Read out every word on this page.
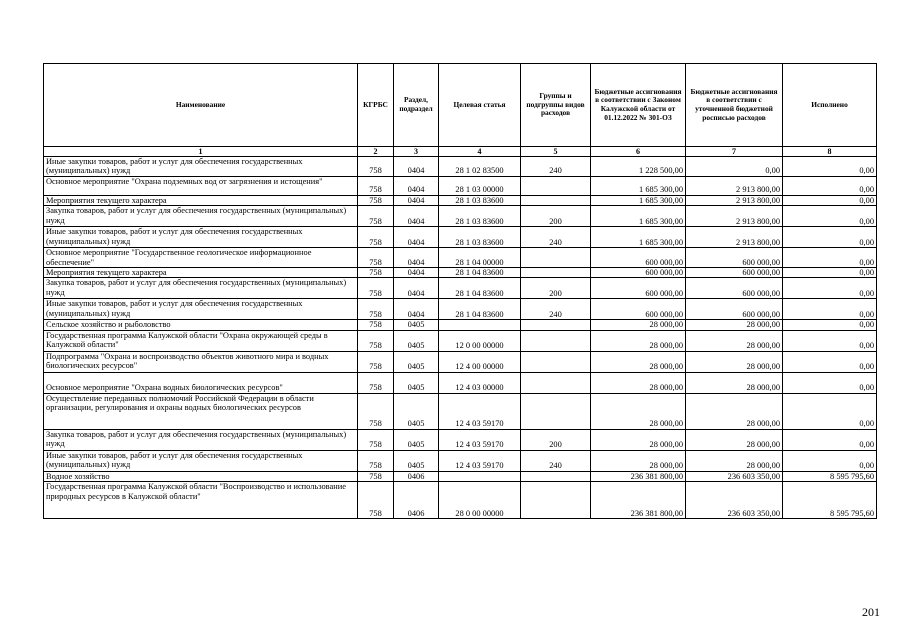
Наименование	КГРБС	Раздел, подраздел	Целевая статья	Группы и подгруппы видов расходов	Бюджетные ассигнования в соответствии с Законом Калужской области от 01.12.2022 № 301-ОЗ	Бюджетные ассигнования в соответствии с уточненной бюджетной росписью расходов	Исполнено
1	2	3	4	5	6	7	8
Иные закупки товаров, работ и услуг для обеспечения государственных (муниципальных) нужд	758	0404	28 1 02 83500	240	1 228 500,00	0,00	0,00
Основное мероприятие "Охрана подземных вод от загрязнения и истощения"	758	0404	28 1 03 00000		1 685 300,00	2 913 800,00	0,00
Мероприятия текущего характера	758	0404	28 1 03 83600		1 685 300,00	2 913 800,00	0,00
Закупка товаров, работ и услуг для обеспечения государственных (муниципальных) нужд	758	0404	28 1 03 83600	200	1 685 300,00	2 913 800,00	0,00
Иные закупки товаров, работ и услуг для обеспечения государственных (муниципальных) нужд	758	0404	28 1 03 83600	240	1 685 300,00	2 913 800,00	0,00
Основное мероприятие "Государственное геологическое информационное обеспечение"	758	0404	28 1 04 00000		600 000,00	600 000,00	0,00
Мероприятия текущего характера	758	0404	28 1 04 83600		600 000,00	600 000,00	0,00
Закупка товаров, работ и услуг для обеспечения государственных (муниципальных) нужд	758	0404	28 1 04 83600	200	600 000,00	600 000,00	0,00
Иные закупки товаров, работ и услуг для обеспечения государственных (муниципальных) нужд	758	0404	28 1 04 83600	240	600 000,00	600 000,00	0,00
Сельское хозяйство и рыболовство	758	0405			28 000,00	28 000,00	0,00
Государственная программа Калужской области "Охрана окружающей среды в Калужской области"	758	0405	12 0 00 00000		28 000,00	28 000,00	0,00
Подпрограмма "Охрана и воспроизводство объектов животного мира и водных биологических ресурсов"	758	0405	12 4 00 00000		28 000,00	28 000,00	0,00
Основное мероприятие "Охрана водных биологических ресурсов"	758	0405	12 4 03 00000		28 000,00	28 000,00	0,00
Осуществление переданных полномочий Российской Федерации в области организации, регулирования и охраны водных биологических ресурсов	758	0405	12 4 03 59170		28 000,00	28 000,00	0,00
Закупка товаров, работ и услуг для обеспечения государственных (муниципальных) нужд	758	0405	12 4 03 59170	200	28 000,00	28 000,00	0,00
Иные закупки товаров, работ и услуг для обеспечения государственных (муниципальных) нужд	758	0405	12 4 03 59170	240	28 000,00	28 000,00	0,00
Водное хозяйство	758	0406			236 381 800,00	236 603 350,00	8 595 795,60
Государственная программа Калужской области "Воспроизводство и использование природных ресурсов в Калужской области"	758	0406	28 0 00 00000		236 381 800,00	236 603 350,00	8 595 795,60
201
